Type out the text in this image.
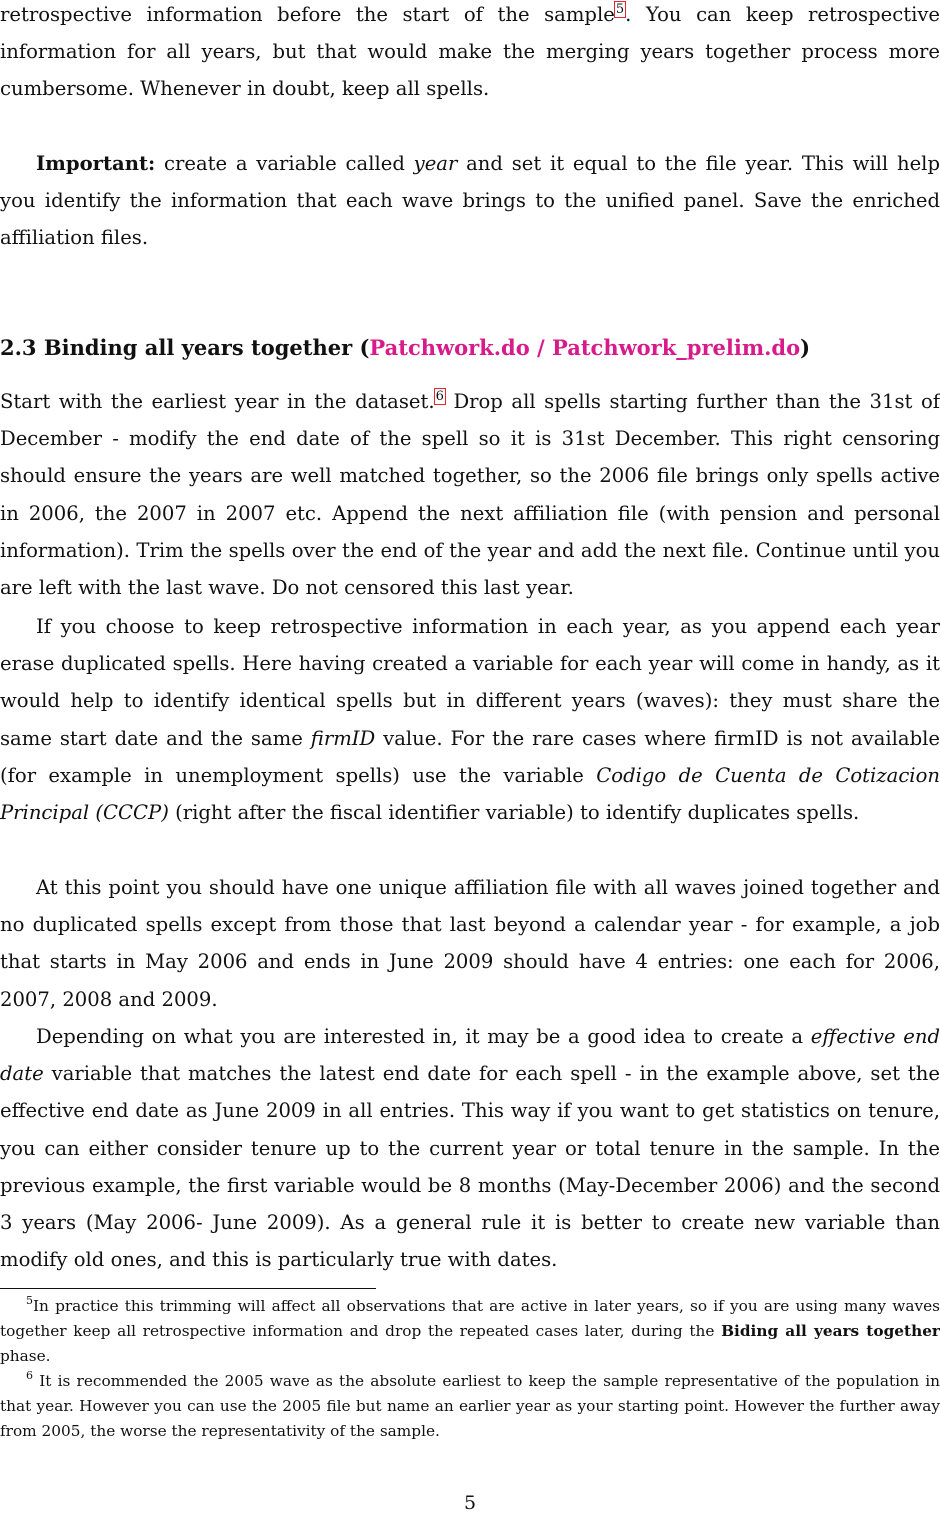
retrospective information before the start of the sample$^5$. You can keep retrospective information for all years, but that would make the merging years together process more cumbersome. Whenever in doubt, keep all spells.

Important: create a variable called year and set it equal to the file year. This will help you identify the information that each wave brings to the unified panel. Save the enriched affiliation files.

2.3 Binding all years together (Patchwork.do / Patchwork_prelim.do)

Start with the earliest year in the dataset.$^6$ Drop all spells starting further than the 31st of December - modify the end date of the spell so it is 31st December. This right censoring should ensure the years are well matched together, so the 2006 file brings only spells active in 2006, the 2007 in 2007 etc. Append the next affiliation file (with pension and personal information). Trim the spells over the end of the year and add the next file. Continue until you are left with the last wave. Do not censored this last year.

If you choose to keep retrospective information in each year, as you append each year erase duplicated spells. Here having created a variable for each year will come in handy, as it would help to identify identical spells but in different years (waves): they must share the same start date and the same firmID value. For the rare cases where firmID is not available (for example in unemployment spells) use the variable Codigo de Cuenta de Cotizacion Principal (CCCP) (right after the fiscal identifier variable) to identify duplicates spells.

At this point you should have one unique affiliation file with all waves joined together and no duplicated spells except from those that last beyond a calendar year - for example, a job that starts in May 2006 and ends in June 2009 should have 4 entries: one each for 2006, 2007, 2008 and 2009.

Depending on what you are interested in, it may be a good idea to create a effective end date variable that matches the latest end date for each spell - in the example above, set the effective end date as June 2009 in all entries. This way if you want to get statistics on tenure, you can either consider tenure up to the current year or total tenure in the sample. In the previous example, the first variable would be 8 months (May-December 2006) and the second 3 years (May 2006- June 2009). As a general rule it is better to create new variable than modify old ones, and this is particularly true with dates.

$^5$In practice this trimming will affect all observations that are active in later years, so if you are using many waves together keep all retrospective information and drop the repeated cases later, during the Biding all years together phase.

$^6$ It is recommended the 2005 wave as the absolute earliest to keep the sample representative of the population in that year. However you can use the 2005 file but name an earlier year as your starting point. However the further away from 2005, the worse the representativity of the sample.

5
